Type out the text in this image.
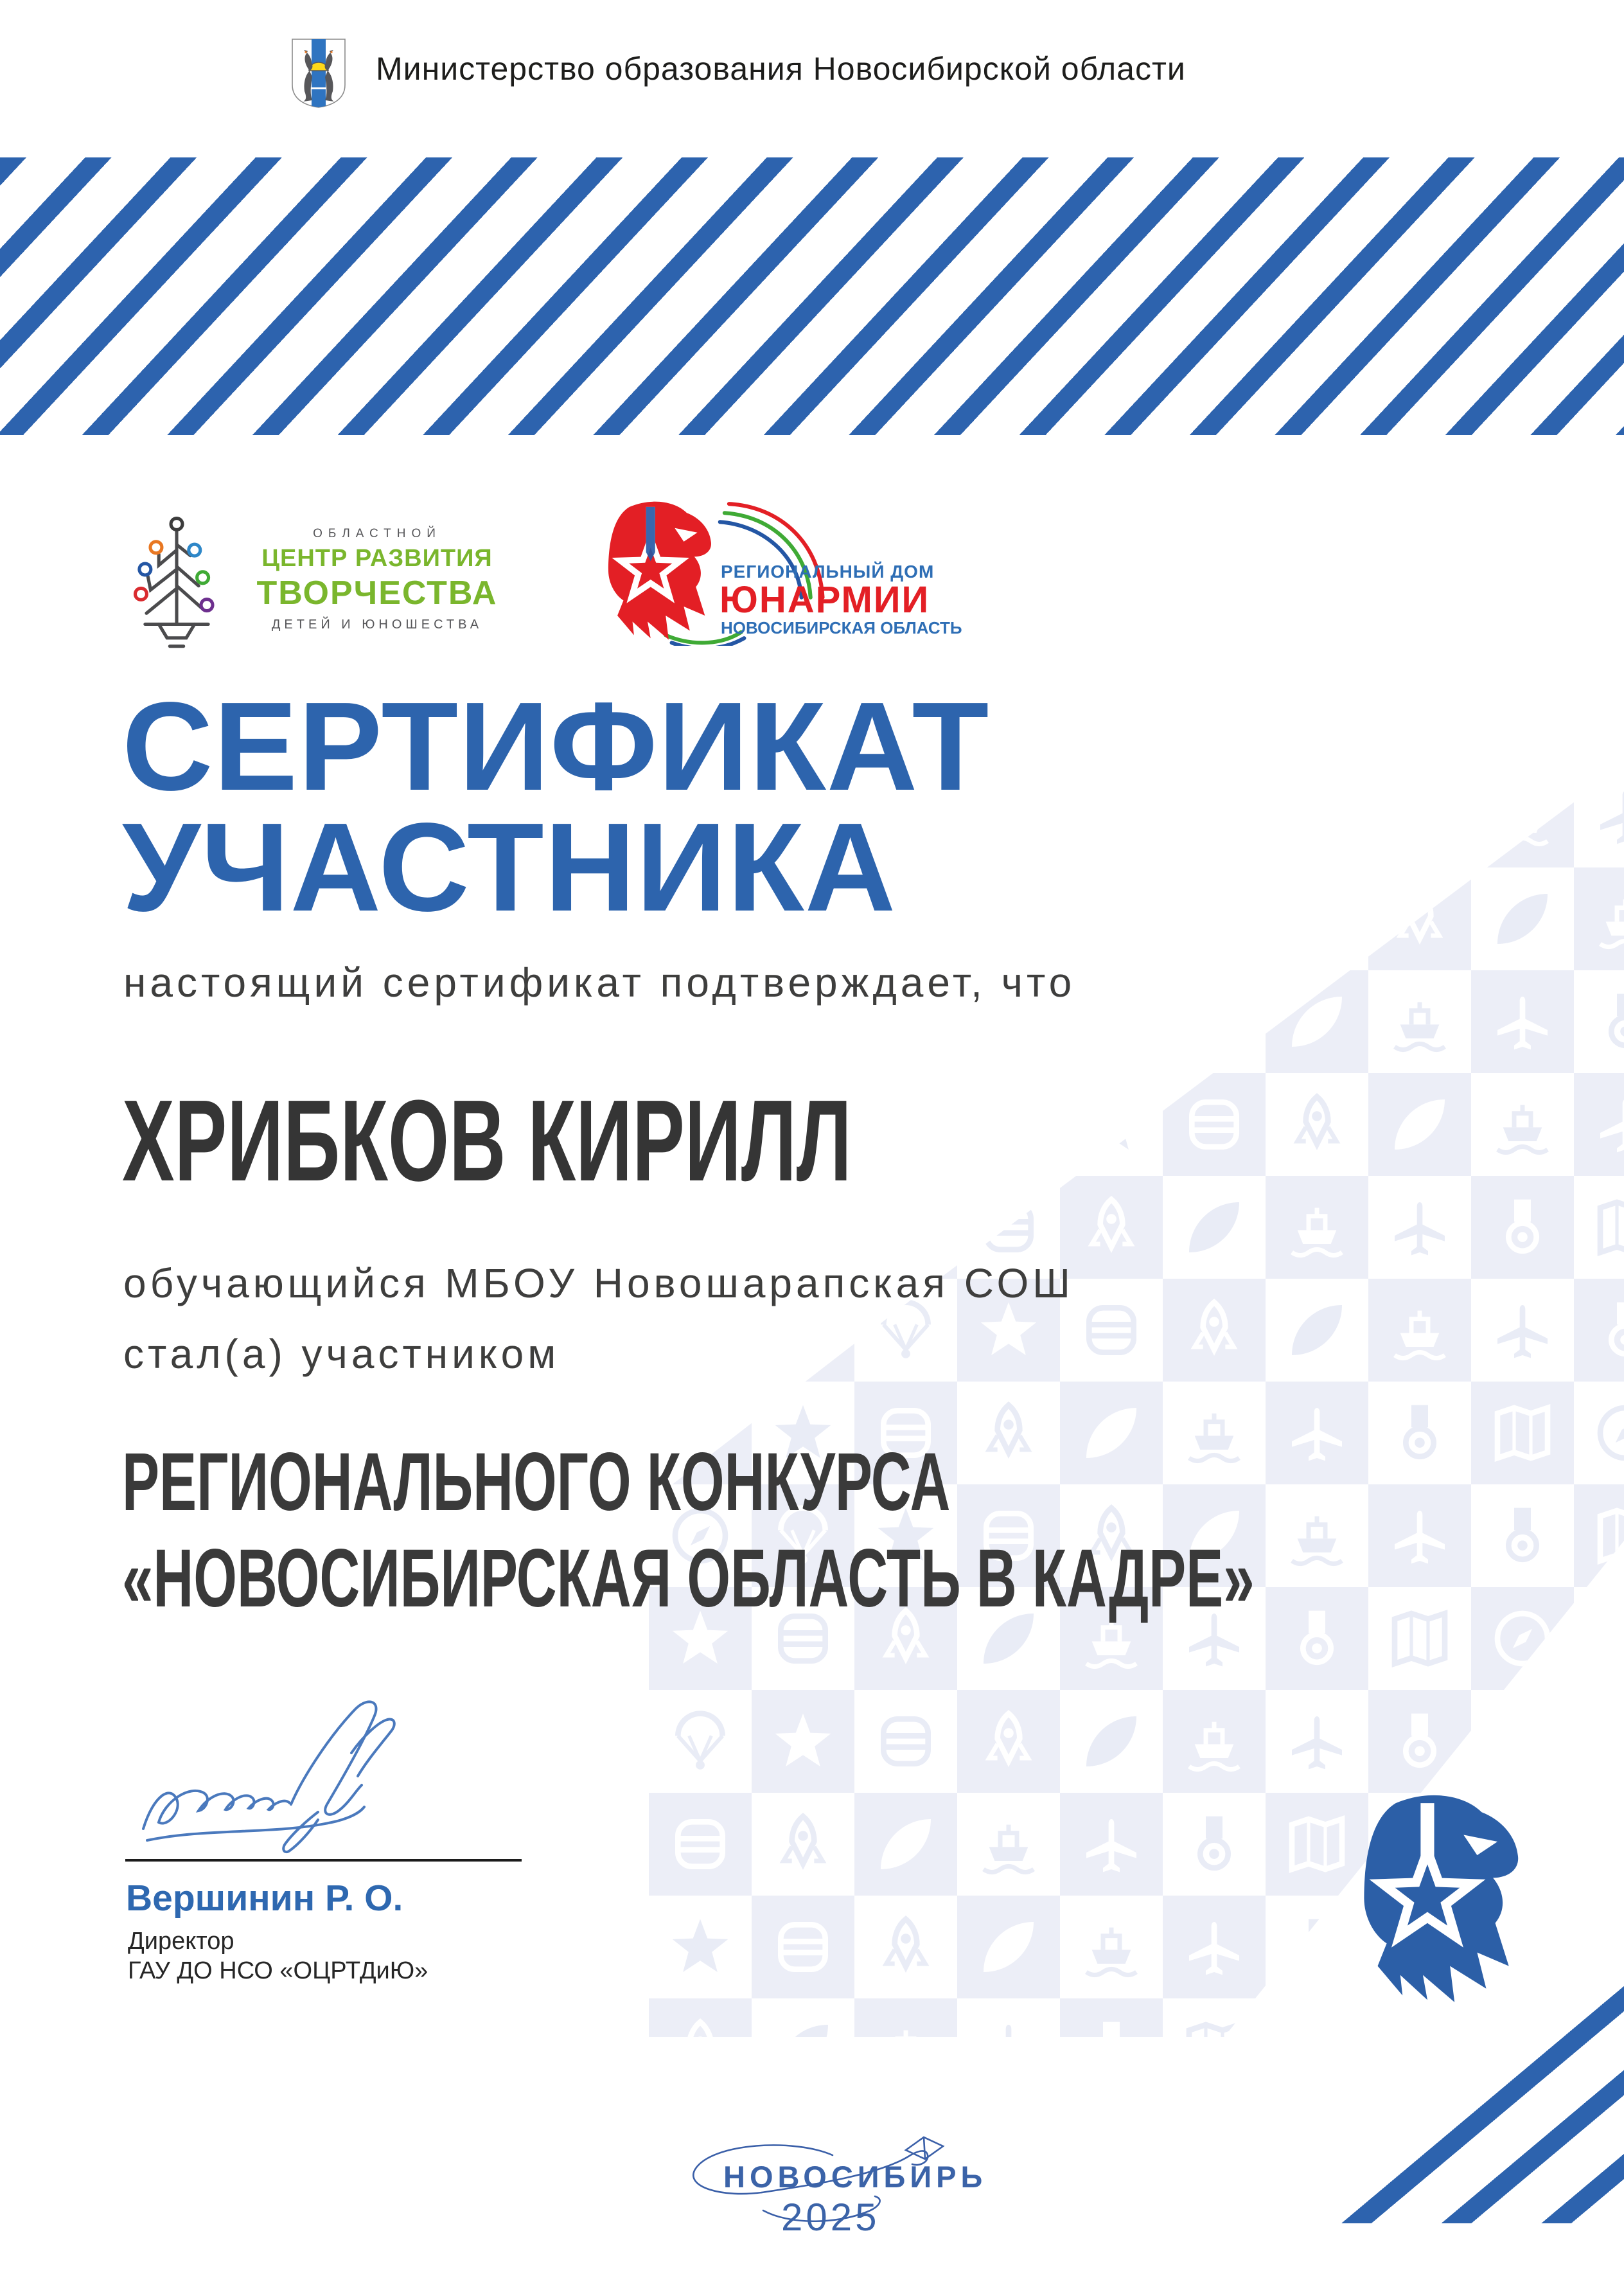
Министерство образования Новосибирской области
ОБЛАСТНОЙ
ЦЕНТР РАЗВИТИЯ
ТВОРЧЕСТВА
ДЕТЕЙ И ЮНОШЕСТВА
РЕГИОНАЛЬНЫЙ ДОМ
ЮНАРМИИ
НОВОСИБИРСКАЯ ОБЛАСТЬ
СЕРТИФИКАТ
УЧАСТНИКА
настоящий сертификат подтверждает, что
ХРИБКОВ КИРИЛЛ
обучающийся МБОУ Новошарапская СОШ
стал(а) участником
РЕГИОНАЛЬНОГО КОНКУРСА
«НОВОСИБИРСКАЯ ОБЛАСТЬ В КАДРЕ»
Вершинин Р. О.
Директор
ГАУ ДО НСО «ОЦРТДиЮ»
НОВОСИБИРЬ
2025
